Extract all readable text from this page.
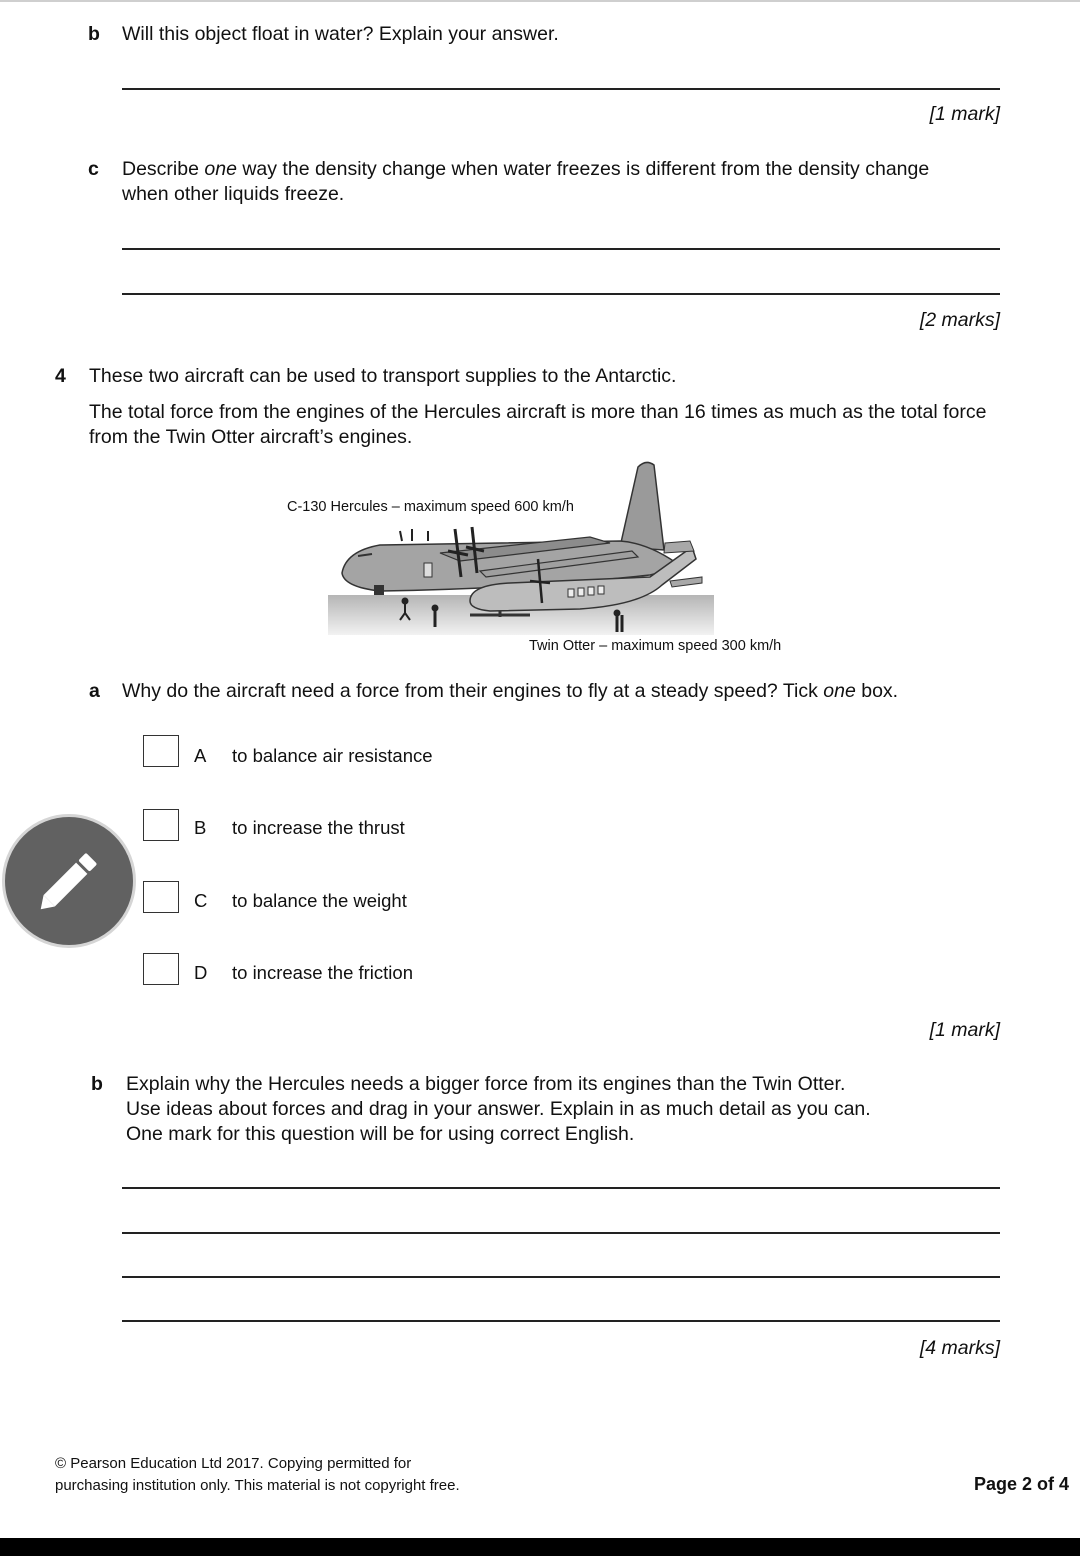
b Will this object float in water? Explain your answer.
[1 mark]
c Describe one way the density change when water freezes is different from the density change when other liquids freeze.
[2 marks]
4 These two aircraft can be used to transport supplies to the Antarctic.
The total force from the engines of the Hercules aircraft is more than 16 times as much as the total force from the Twin Otter aircraft’s engines.
C-130 Hercules – maximum speed 600 km/h
Twin Otter – maximum speed 300 km/h
a Why do the aircraft need a force from their engines to fly at a steady speed? Tick one box.
A to balance air resistance
B to increase the thrust
C to balance the weight
D to increase the friction
[1 mark]
b Explain why the Hercules needs a bigger force from its engines than the Twin Otter.
Use ideas about forces and drag in your answer. Explain in as much detail as you can.
One mark for this question will be for using correct English.
[4 marks]
© Pearson Education Ltd 2017. Copying permitted for
purchasing institution only. This material is not copyright free.	Page 2 of 4
